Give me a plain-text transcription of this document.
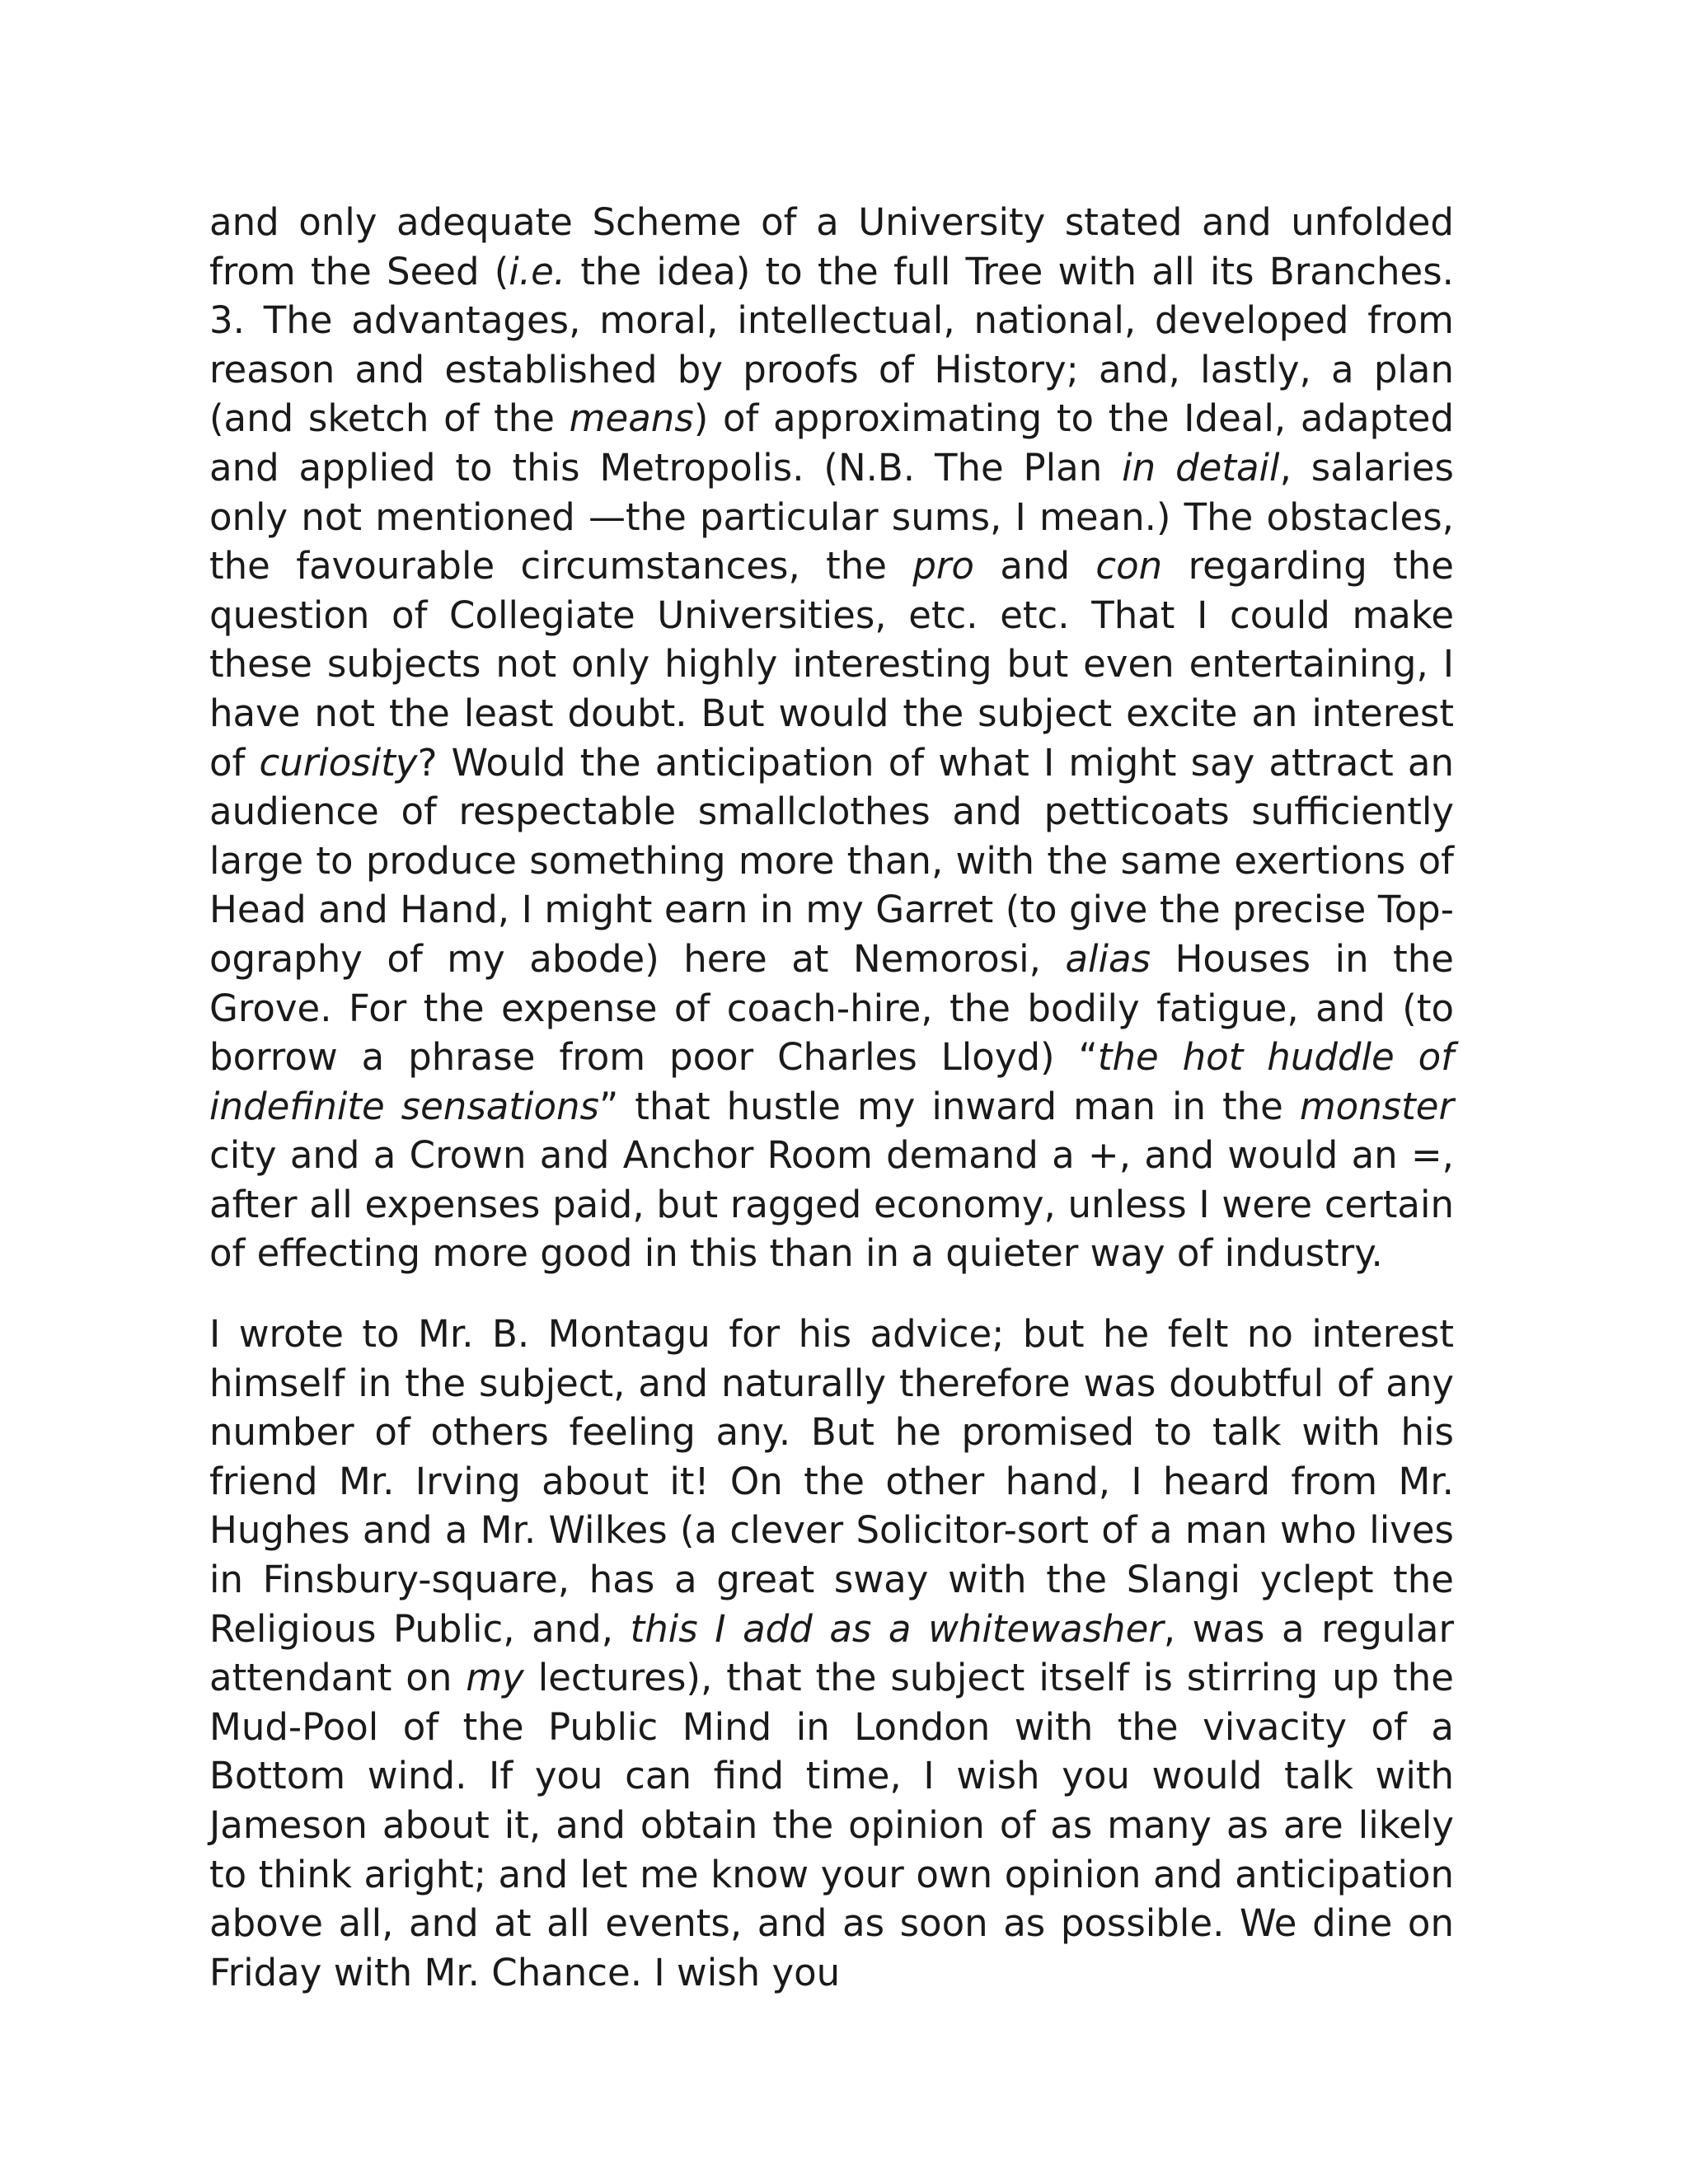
and only adequate Scheme of a University stated and unfolded from the Seed (i.e. the idea) to the full Tree with all its Branches. 3. The advantages, moral, intellectual, national, developed from reason and established by proofs of History; and, lastly, a plan (and sketch of the means) of approximating to the Ideal, adapted and applied to this Metropolis. (N.B. The Plan in detail, salaries only not mentioned —the particular sums, I mean.) The obstacles, the favourable circumstances, the pro and con regarding the question of Collegiate Universities, etc. etc. That I could make these subjects not only highly interesting but even entertaining, I have not the least doubt. But would the subject excite an interest of curiosity? Would the anticipation of what I might say attract an audience of respectable smallclothes and petticoats sufficiently large to produce something more than, with the same exertions of Head and Hand, I might earn in my Garret (to give the precise Top-ography of my abode) here at Nemorosi, alias Houses in the Grove. For the expense of coach-hire, the bodily fatigue, and (to borrow a phrase from poor Charles Lloyd) “the hot huddle of indefinite sensations” that hustle my inward man in the monster city and a Crown and Anchor Room demand a +, and would an =, after all expenses paid, but ragged economy, unless I were certain of effecting more good in this than in a quieter way of industry.

I wrote to Mr. B. Montagu for his advice; but he felt no interest himself in the subject, and naturally therefore was doubtful of any number of others feeling any. But he promised to talk with his friend Mr. Irving about it! On the other hand, I heard from Mr. Hughes and a Mr. Wilkes (a clever Solicitor-sort of a man who lives in Finsbury-square, has a great sway with the Slangi yclept the Religious Public, and, this I add as a whitewasher, was a regular attendant on my lectures), that the subject itself is stirring up the Mud-Pool of the Public Mind in London with the vivacity of a Bottom wind. If you can find time, I wish you would talk with Jameson about it, and obtain the opinion of as many as are likely to think aright; and let me know your own opinion and anticipation above all, and at all events, and as soon as possible. We dine on Friday with Mr. Chance. I wish you
